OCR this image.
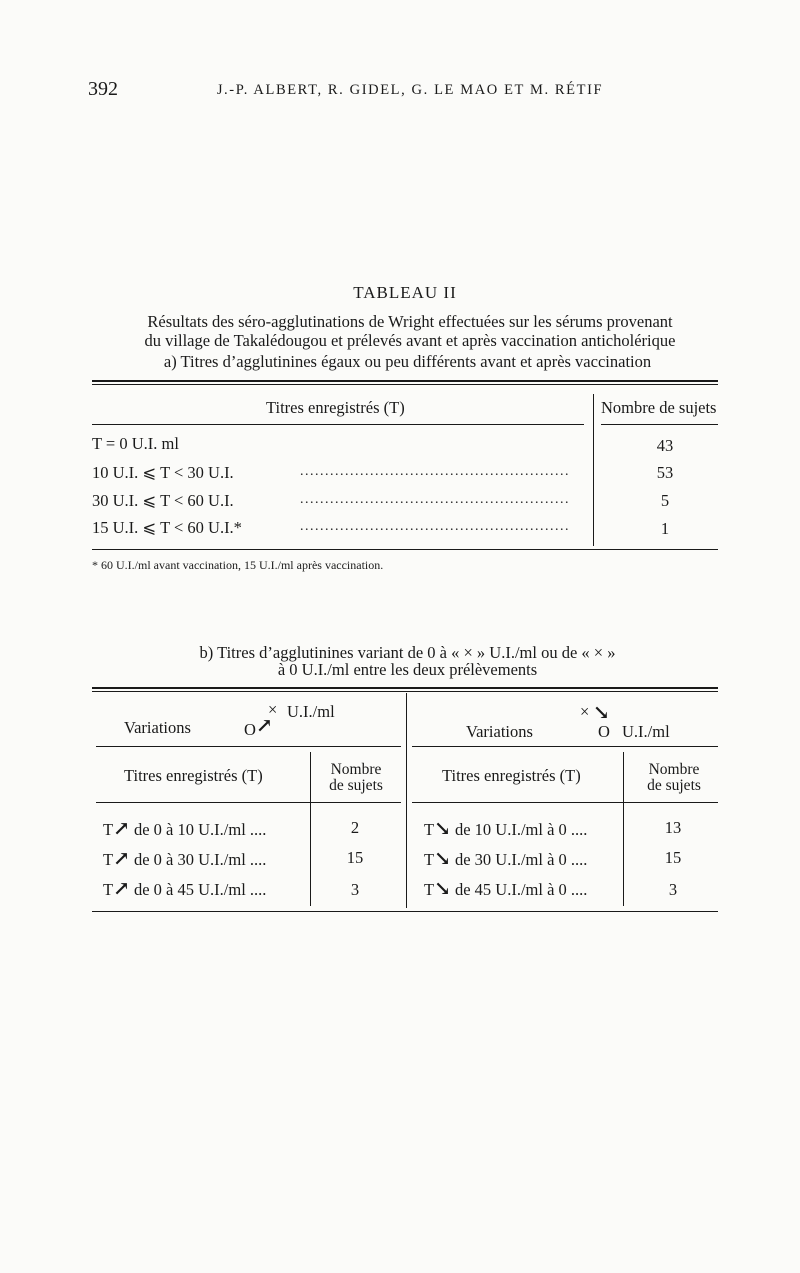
392	J.-P. ALBERT, R. GIDEL, G. LE MAO ET M. RÉTIF
TABLEAU II
Résultats des séro-agglutinations de Wright effectuées sur les sérums provenant
du village de Takalédougou et prélevés avant et après vaccination anticholérique
a) Titres d’agglutinines égaux ou peu différents avant et après vaccination
Titres enregistrés (T)	Nombre de sujets
T = 0 U.I. ml	43
10 U.I. ⩽ T < 30 U.I.	......................................................	53
30 U.I. ⩽ T < 60 U.I.	......................................................	5
15 U.I. ⩽ T < 60 U.I.*	......................................................	1
* 60 U.I./ml avant vaccination, 15 U.I./ml après vaccination.
b) Titres d’agglutinines variant de 0 à « × » U.I./ml ou de « × »
à 0 U.I./ml entre les deux prélèvements
Variations
× U.I./ml
O ↗	Variations
×
↘
O U.I./ml
Titres enregistrés (T)	Nombre
de sujets
Titres enregistrés (T)	Nombre
de sujets
T ↗ de 0 à 10 U.I./ml ....	2
T ↗ de 0 à 30 U.I./ml ....	15
T ↗ de 0 à 45 U.I./ml ....	3
T ↘ de 10 U.I./ml à 0 ....	13
T ↘ de 30 U.I./ml à 0 ....	15
T ↘ de 45 U.I./ml à 0 ....	3
